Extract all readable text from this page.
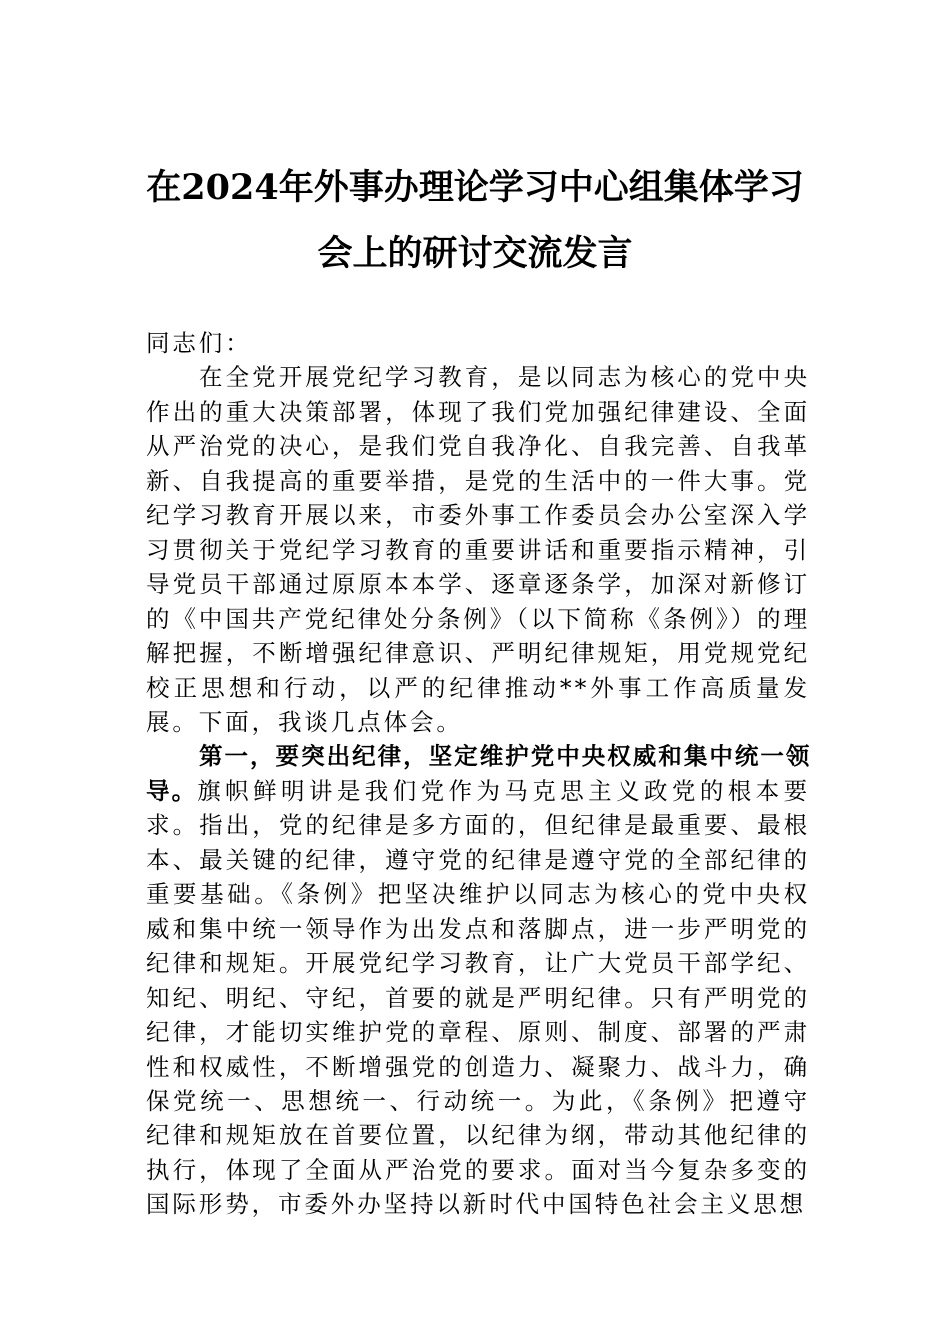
在2024年外事办理论学习中心组集体学习
会上的研讨交流发言

同志们：

在全党开展党纪学习教育，是以同志为核心的党中央作出的重大决策部署，体现了我们党加强纪律建设、全面从严治党的决心，是我们党自我净化、自我完善、自我革新、自我提高的重要举措，是党的生活中的一件大事。党纪学习教育开展以来，市委外事工作委员会办公室深入学习贯彻关于党纪学习教育的重要讲话和重要指示精神，引导党员干部通过原原本本学、逐章逐条学，加深对新修订的《中国共产党纪律处分条例》（以下简称《条例》）的理解把握，不断增强纪律意识、严明纪律规矩，用党规党纪校正思想和行动，以严的纪律推动**外事工作高质量发展。下面，我谈几点体会。

第一，要突出纪律，坚定维护党中央权威和集中统一领导。旗帜鲜明讲是我们党作为马克思主义政党的根本要求。指出，党的纪律是多方面的，但纪律是最重要、最根本、最关键的纪律，遵守党的纪律是遵守党的全部纪律的重要基础。《条例》把坚决维护以同志为核心的党中央权威和集中统一领导作为出发点和落脚点，进一步严明党的纪律和规矩。开展党纪学习教育，让广大党员干部学纪、知纪、明纪、守纪，首要的就是严明纪律。只有严明党的纪律，才能切实维护党的章程、原则、制度、部署的严肃性和权威性，不断增强党的创造力、凝聚力、战斗力，确保党统一、思想统一、行动统一。为此，《条例》把遵守纪律和规矩放在首要位置，以纪律为纲，带动其他纪律的执行，体现了全面从严治党的要求。面对当今复杂多变的国际形势，市委外办坚持以新时代中国特色社会主义思想
